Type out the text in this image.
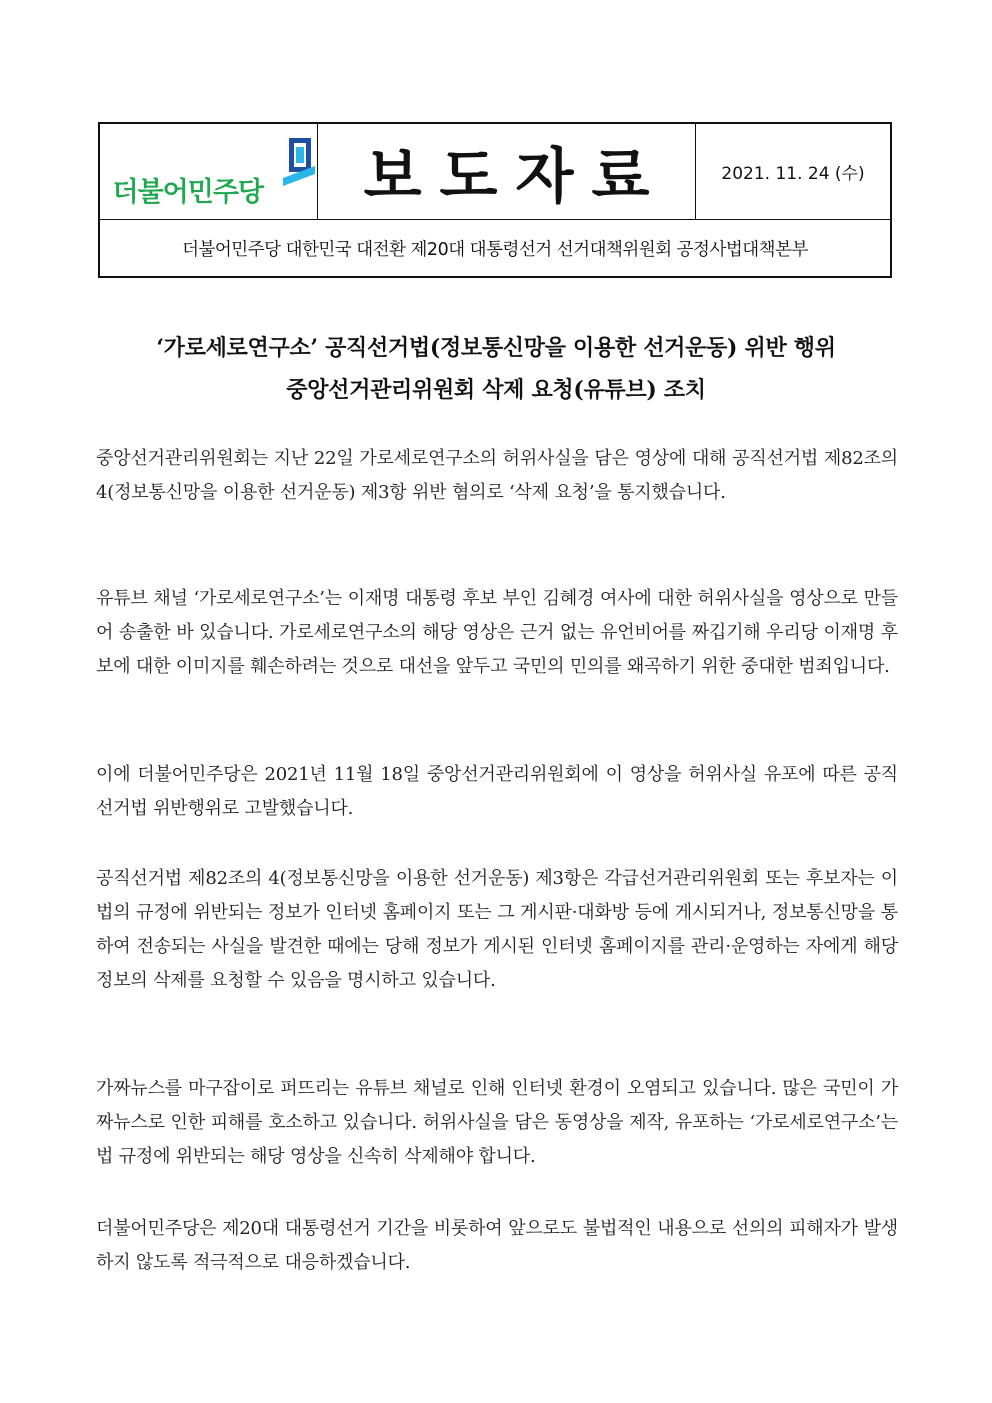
더불어민주당 보도자료	2021. 11. 24 (수)
더불어민주당 대한민국 대전환 제20대 대통령선거 선거대책위원회 공정사법대책본부
‘가로세로연구소’ 공직선거법(정보통신망을 이용한 선거운동) 위반 행위
중앙선거관리위원회 삭제 요청(유튜브) 조치

중앙선거관리위원회는 지난 22일 가로세로연구소의 허위사실을 담은 영상에 대해 공직선거법 제82조의 4(정보통신망을 이용한 선거운동) 제3항 위반 혐의로 ‘삭제 요청’을 통지했습니다.

유튜브 채널 ‘가로세로연구소’는 이재명 대통령 후보 부인 김혜경 여사에 대한 허위사실을 영상으로 만들어 송출한 바 있습니다. 가로세로연구소의 해당 영상은 근거 없는 유언비어를 짜깁기해 우리당 이재명 후보에 대한 이미지를 훼손하려는 것으로 대선을 앞두고 국민의 민의를 왜곡하기 위한 중대한 범죄입니다.

이에 더불어민주당은 2021년 11월 18일 중앙선거관리위원회에 이 영상을 허위사실 유포에 따른 공직선거법 위반행위로 고발했습니다.

공직선거법 제82조의 4(정보통신망을 이용한 선거운동) 제3항은 각급선거관리위원회 또는 후보자는 이 법의 규정에 위반되는 정보가 인터넷 홈페이지 또는 그 게시판·대화방 등에 게시되거나, 정보통신망을 통하여 전송되는 사실을 발견한 때에는 당해 정보가 게시된 인터넷 홈페이지를 관리·운영하는 자에게 해당 정보의 삭제를 요청할 수 있음을 명시하고 있습니다.

가짜뉴스를 마구잡이로 퍼뜨리는 유튜브 채널로 인해 인터넷 환경이 오염되고 있습니다. 많은 국민이 가짜뉴스로 인한 피해를 호소하고 있습니다. 허위사실을 담은 동영상을 제작, 유포하는 ‘가로세로연구소’는 법 규정에 위반되는 해당 영상을 신속히 삭제해야 합니다.

더불어민주당은 제20대 대통령선거 기간을 비롯하여 앞으로도 불법적인 내용으로 선의의 피해자가 발생하지 않도록 적극적으로 대응하겠습니다.
